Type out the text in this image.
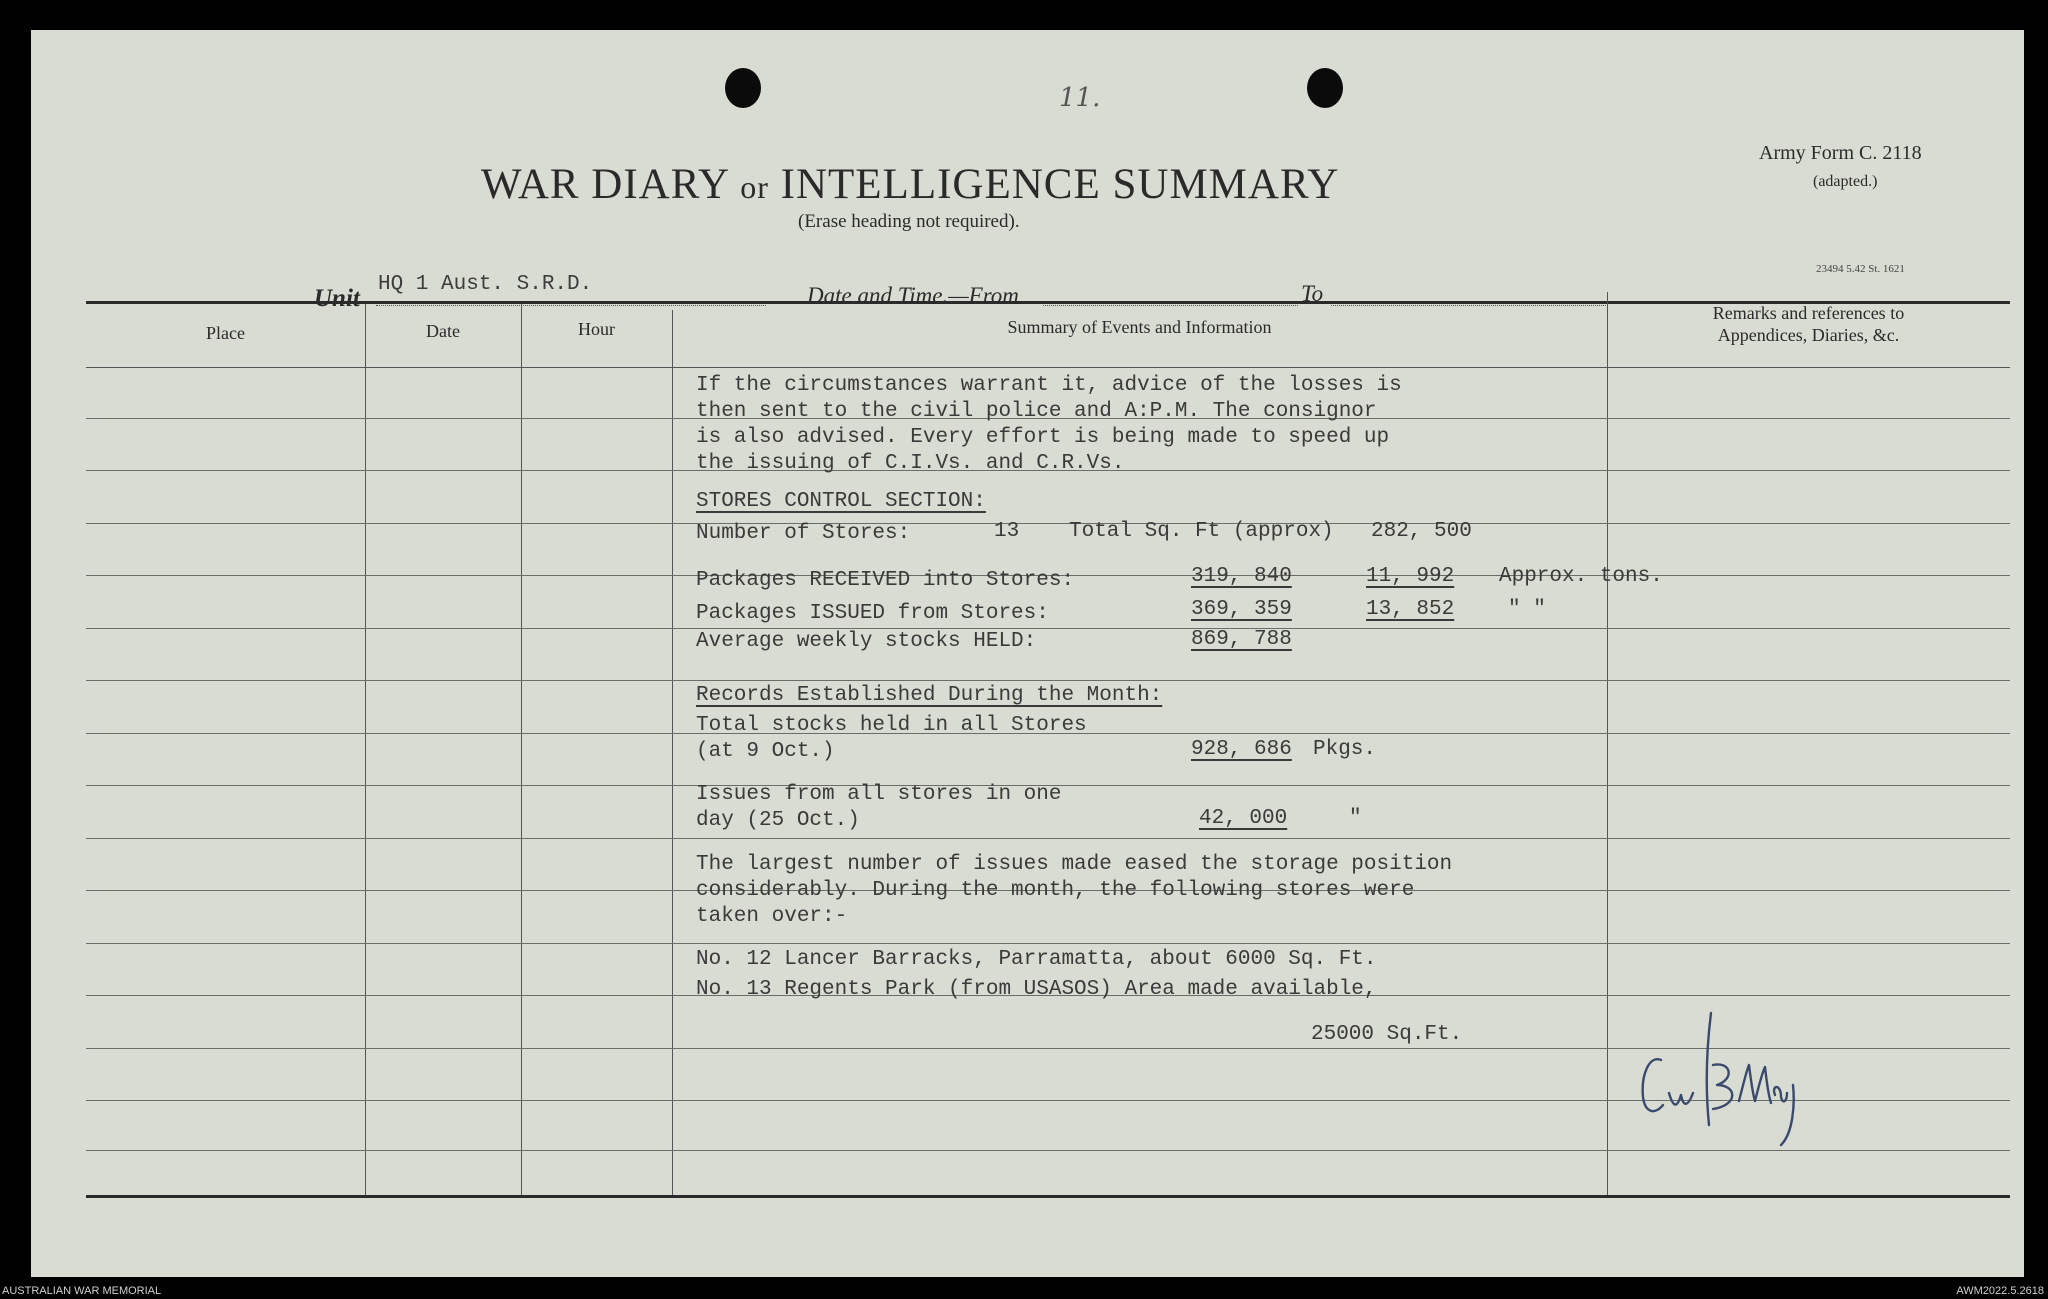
11.
WAR DIARY or INTELLIGENCE SUMMARY
(Erase heading not required).
Army Form C. 2118
(adapted.)
23494 5.42 St. 1621
Unit
HQ 1 Aust. S.R.D.	Date and Time.—From	To
Place	Date	Hour	Summary of Events and Information
Remarks and references to
Appendices, Diaries, &c.
If the circumstances warrant it, advice of the losses is
then sent to the civil police and A:P.M. The consignor
is also advised. Every effort is being made to speed up
the issuing of C.I.Vs. and C.R.Vs.
STORES CONTROL SECTION:
Number of Stores:	13 Total Sq. Ft (approx) 282, 500
Packages RECEIVED into Stores:	319, 840	11, 992 Approx. tons.
Packages ISSUED from Stores:	369, 359	13, 852	" "
Average weekly stocks HELD:	869, 788
Records Established During the Month:
Total stocks held in all Stores
(at 9 Oct.)	928, 686 Pkgs.
Issues from all stores in one
day (25 Oct.)	42, 000	"
The largest number of issues made eased the storage position
considerably. During the month, the following stores were
taken over:-
No. 12 Lancer Barracks, Parramatta, about 6000 Sq. Ft.
No. 13 Regents Park (from USASOS) Area made available,
25000 Sq.Ft.
AUSTRALIAN WAR MEMORIAL	AWM2022.5.2618
